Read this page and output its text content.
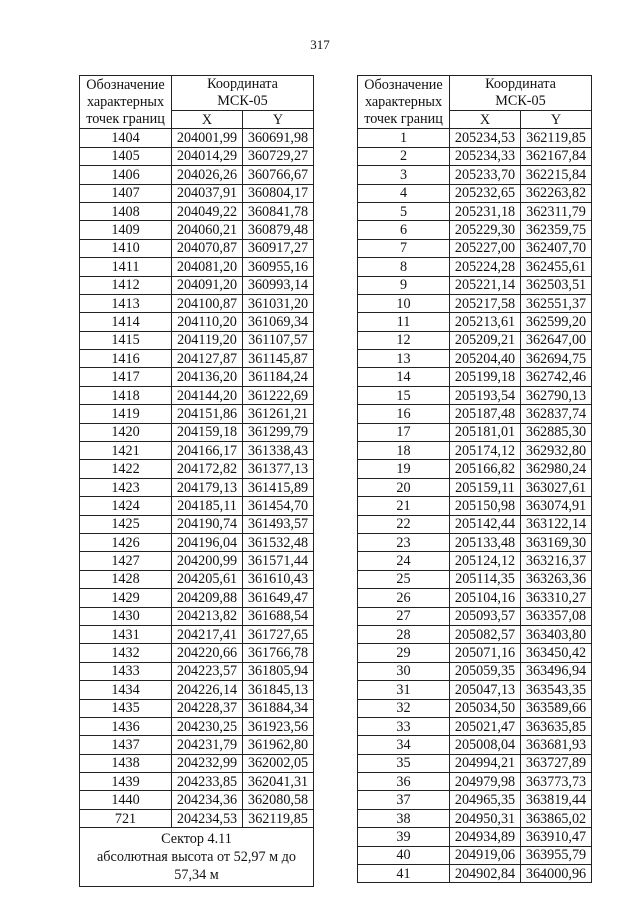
317
Обозначение
характерных
точек границ	Координата
МСК-05	
	X	Y
1404	204001,99	360691,98
1405	204014,29	360729,27
1406	204026,26	360766,67
1407	204037,91	360804,17
1408	204049,22	360841,78
1409	204060,21	360879,48
1410	204070,87	360917,27
1411	204081,20	360955,16
1412	204091,20	360993,14
1413	204100,87	361031,20
1414	204110,20	361069,34
1415	204119,20	361107,57
1416	204127,87	361145,87
1417	204136,20	361184,24
1418	204144,20	361222,69
1419	204151,86	361261,21
1420	204159,18	361299,79
1421	204166,17	361338,43
1422	204172,82	361377,13
1423	204179,13	361415,89
1424	204185,11	361454,70
1425	204190,74	361493,57
1426	204196,04	361532,48
1427	204200,99	361571,44
1428	204205,61	361610,43
1429	204209,88	361649,47
1430	204213,82	361688,54
1431	204217,41	361727,65
1432	204220,66	361766,78
1433	204223,57	361805,94
1434	204226,14	361845,13
1435	204228,37	361884,34
1436	204230,25	361923,56
1437	204231,79	361962,80
1438	204232,99	362002,05
1439	204233,85	362041,31
1440	204234,36	362080,58
721	204234,53	362119,85
Сектор 4.11
абсолютная высота от 52,97 м до
57,34 м		
Обозначение
характерных
точек границ	Координата
МСК-05	
	X	Y
1	205234,53	362119,85
2	205234,33	362167,84
3	205233,70	362215,84
4	205232,65	362263,82
5	205231,18	362311,79
6	205229,30	362359,75
7	205227,00	362407,70
8	205224,28	362455,61
9	205221,14	362503,51
10	205217,58	362551,37
11	205213,61	362599,20
12	205209,21	362647,00
13	205204,40	362694,75
14	205199,18	362742,46
15	205193,54	362790,13
16	205187,48	362837,74
17	205181,01	362885,30
18	205174,12	362932,80
19	205166,82	362980,24
20	205159,11	363027,61
21	205150,98	363074,91
22	205142,44	363122,14
23	205133,48	363169,30
24	205124,12	363216,37
25	205114,35	363263,36
26	205104,16	363310,27
27	205093,57	363357,08
28	205082,57	363403,80
29	205071,16	363450,42
30	205059,35	363496,94
31	205047,13	363543,35
32	205034,50	363589,66
33	205021,47	363635,85
34	205008,04	363681,93
35	204994,21	363727,89
36	204979,98	363773,73
37	204965,35	363819,44
38	204950,31	363865,02
39	204934,89	363910,47
40	204919,06	363955,79
41	204902,84	364000,96
